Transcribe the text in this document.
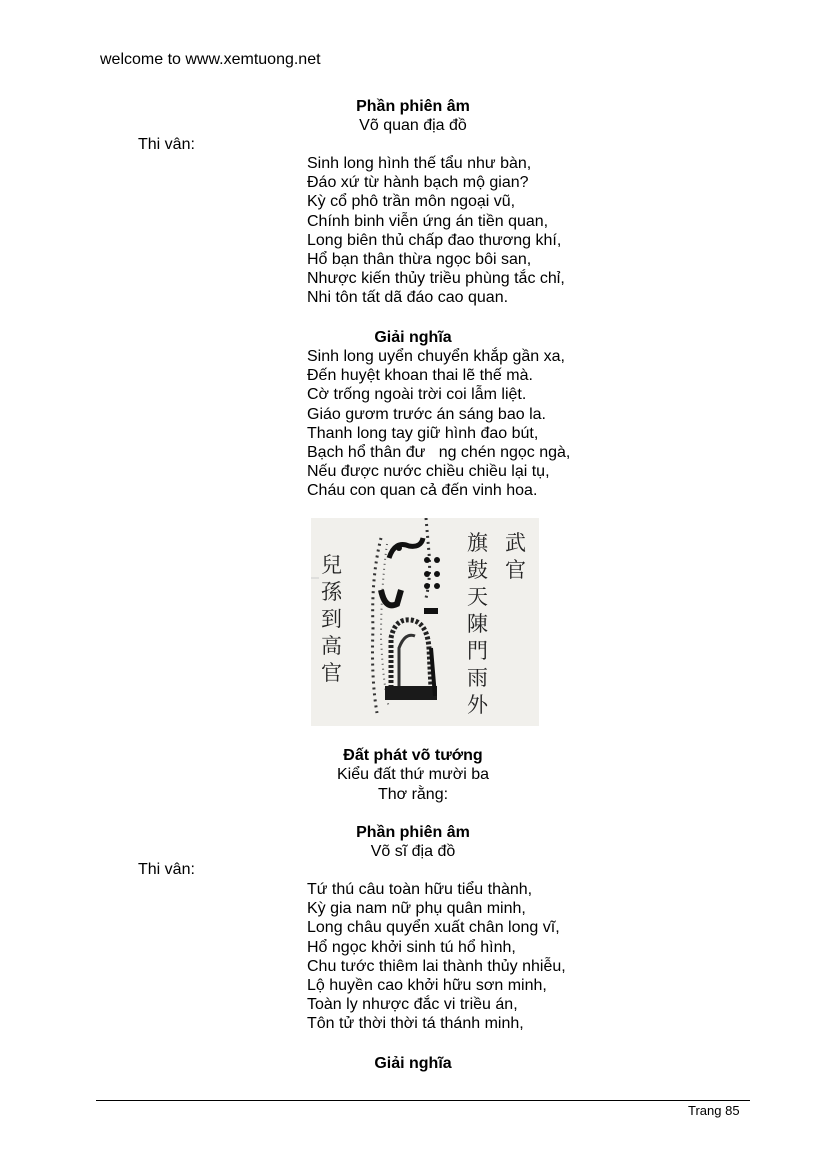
welcome to www.xemtuong.net
Phần phiên âm
Võ quan địa đồ
Thi vân:
Sinh long hình thế tẩu như bàn,
Đáo xứ từ hành bạch mộ gian?
Kỳ cổ phô trần môn ngoại vũ,
Chính binh viễn ứng án tiền quan,
Long biên thủ chấp đao thương khí,
Hổ bạn thân thừa ngọc bôi san,
Nhược kiến thủy triều phùng tắc chỉ,
Nhi tôn tất dã đáo cao quan.
Giải nghĩa
Sinh long uyển chuyển khắp gần xa,
Đến huyệt khoan thai lẽ thế mà.
Cờ trống ngoài trời coi lẫm liệt.
Giáo gươm trước án sáng bao la.
Thanh long tay giữ hình đao bút,
Bạch hổ thân đư   ng chén ngọc ngà,
Nếu được nước chiều chiều lại tụ,
Cháu con quan cả đến vinh hoa.
兒孫到高官
旗鼓天陳門雨外
武官
Đất phát võ tướng
Kiểu đất thứ mười ba
Thơ rằng:
Phần phiên âm
Võ sĩ địa đồ
Thi vân:
Tứ thú câu toàn hữu tiểu thành,
Kỳ gia nam nữ phụ quân minh,
Long châu quyển xuất chân long vĩ,
Hổ ngọc khởi sinh tú hổ hình,
Chu tước thiêm lai thành thủy nhiễu,
Lộ huyền cao khởi hữu sơn minh,
Toàn ly nhược đắc vi triều án,
Tôn tử thời thời tá thánh minh,
Giải nghĩa
Trang 85
